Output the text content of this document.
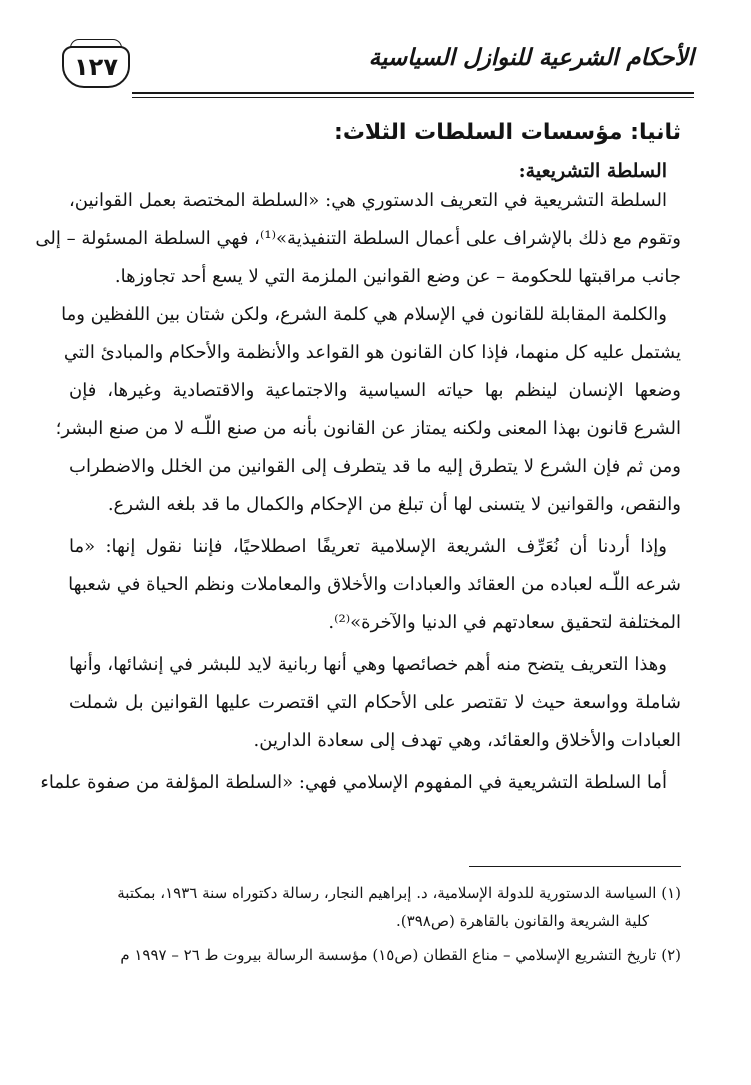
١٢٧	الأحكام الشرعية للنوازل السياسية
ثانيا: مؤسسات السلطات الثلاث:
السلطة التشريعية:
السلطة التشريعية في التعريف الدستوري هي: «السلطة المختصة بعمل القوانين،
وتقوم مع ذلك بالإشراف على أعمال السلطة التنفيذية»⁽¹⁾، فهي السلطة المسئولة – إلى
جانب مراقبتها للحكومة – عن وضع القوانين الملزمة التي لا يسع أحد تجاوزها.
والكلمة المقابلة للقانون في الإسلام هي كلمة الشرع، ولكن شتان بين اللفظين وما
يشتمل عليه كل منهما، فإذا كان القانون هو القواعد والأنظمة والأحكام والمبادئ التي
وضعها الإنسان لينظم بها حياته السياسية والاجتماعية والاقتصادية وغيرها، فإن
الشرع قانون بهذا المعنى ولكنه يمتاز عن القانون بأنه من صنع اللّـه لا من صنع البشر؛
ومن ثم فإن الشرع لا يتطرق إليه ما قد يتطرف إلى القوانين من الخلل والاضطراب
والنقص، والقوانين لا يتسنى لها أن تبلغ من الإحكام والكمال ما قد بلغه الشرع.
وإذا أردنا أن نُعَرِّف الشريعة الإسلامية تعريفًا اصطلاحيًا، فإننا نقول إنها: «ما
شرعه اللّـه لعباده من العقائد والعبادات والأخلاق والمعاملات ونظم الحياة في شعبها
المختلفة لتحقيق سعادتهم في الدنيا والآخرة»⁽²⁾.
وهذا التعريف يتضح منه أهم خصائصها وهي أنها ربانية لايد للبشر في إنشائها، وأنها
شاملة وواسعة حيث لا تقتصر على الأحكام التي اقتصرت عليها القوانين بل شملت
العبادات والأخلاق والعقائد، وهي تهدف إلى سعادة الدارين.
أما السلطة التشريعية في المفهوم الإسلامي فهي: «السلطة المؤلفة من صفوة علماء
(١) السياسة الدستورية للدولة الإسلامية، د. إبراهيم النجار، رسالة دكتوراه سنة ١٩٣٦، بمكتبة
كلية الشريعة والقانون بالقاهرة (ص٣٩٨).
(٢) تاريخ التشريع الإسلامي – مناع القطان (ص١٥) مؤسسة الرسالة بيروت ط ٢٦ – ١٩٩٧ م
